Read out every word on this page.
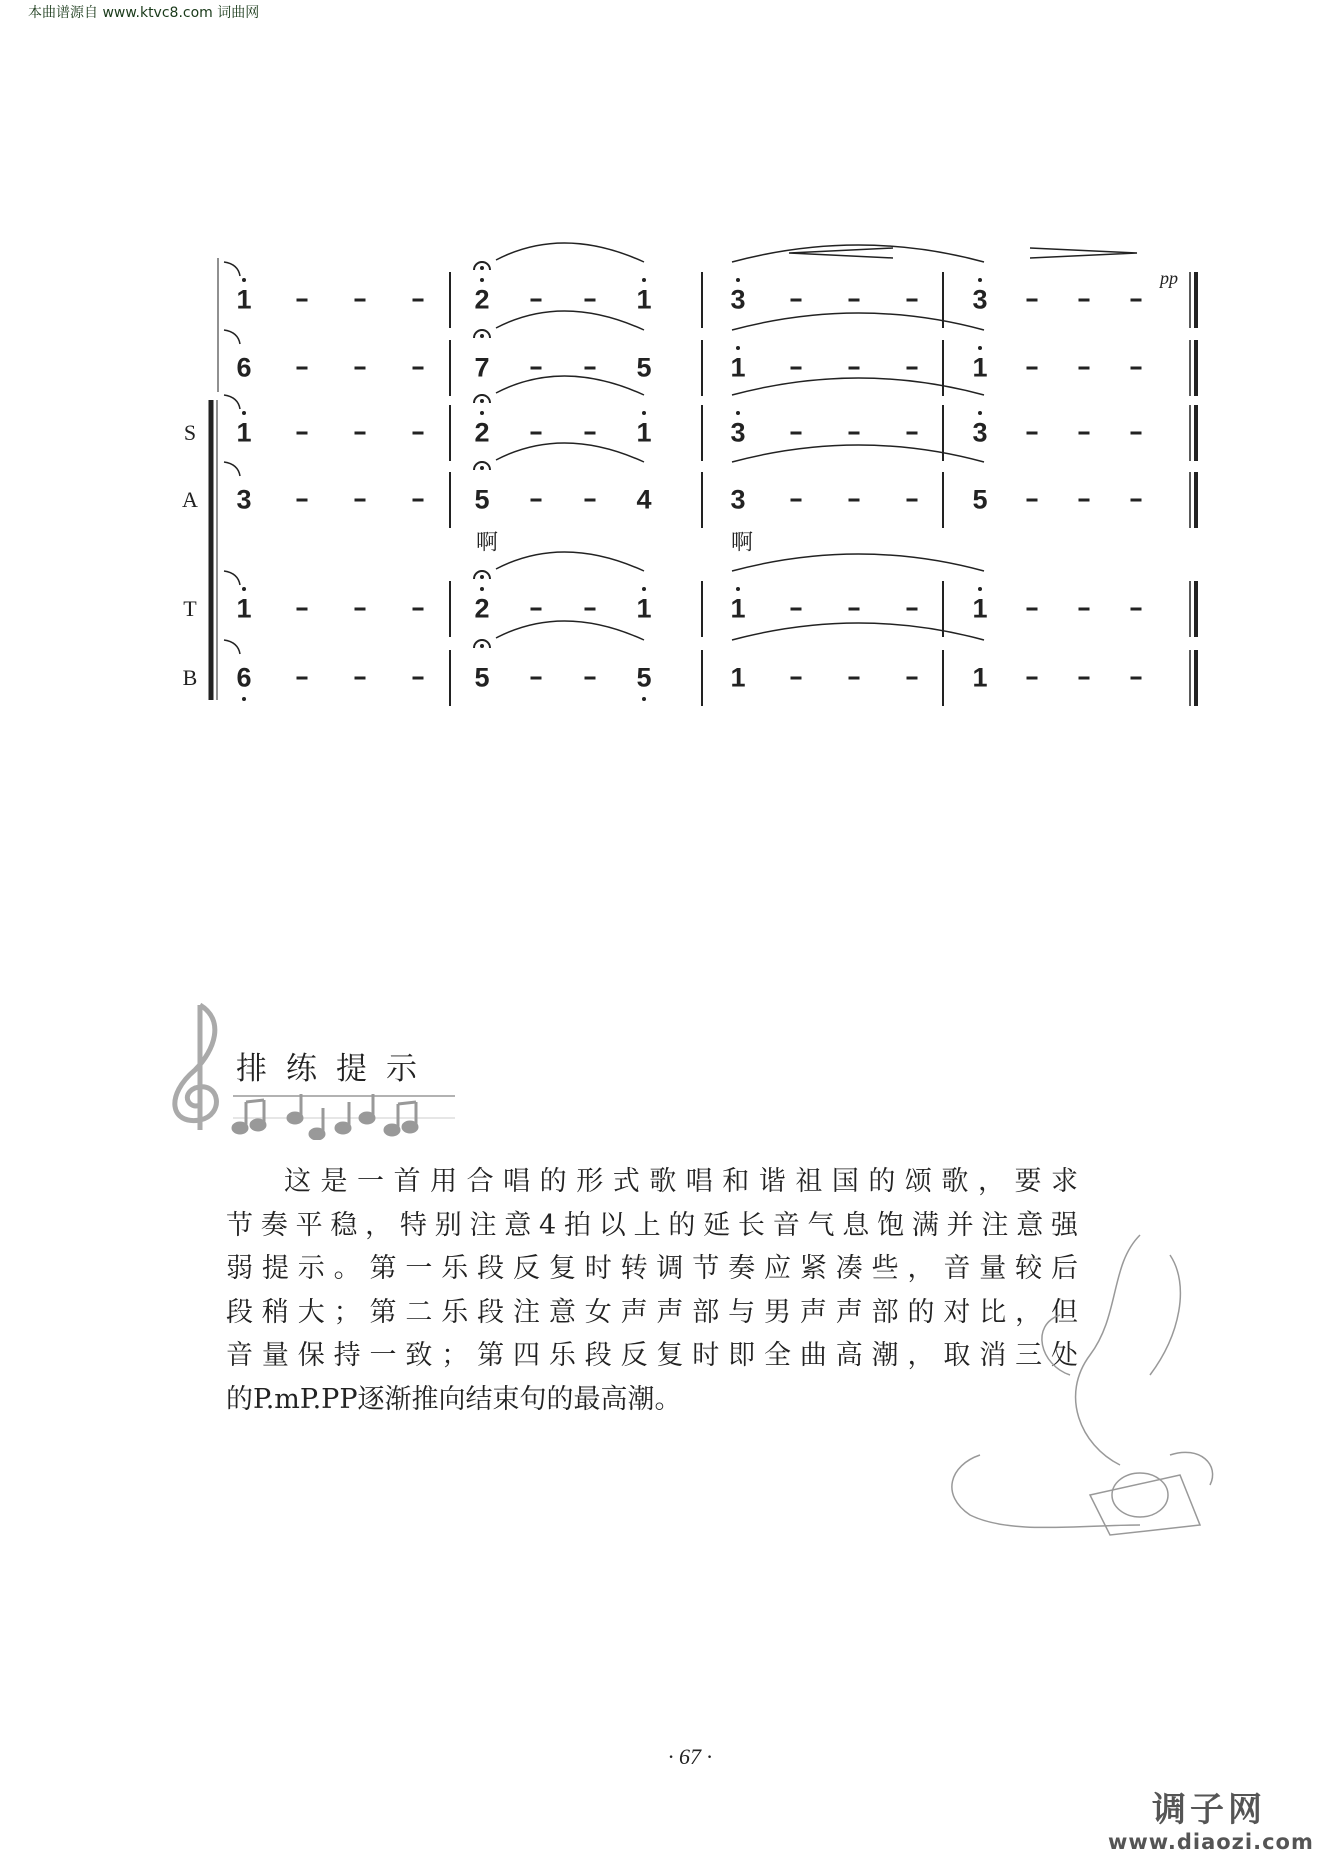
本曲谱源自 www.ktvc8.com 词曲网
1	2	1	3	3
6	7	5	1	1
S 1	2	1	3	3
A 3	5	4	3	5
T 1	2	1	1	1
B 6	5	5	1	1
啊	啊
pp
排练提示
这是一首用合唱的形式歌唱和谐祖国的颂歌，要求
节奏平稳，特别注意4拍以上的延长音气息饱满并注意强
弱提示。第一乐段反复时转调节奏应紧凑些，音量较后
段稍大；第二乐段注意女声声部与男声声部的对比，但
音量保持一致；第四乐段反复时即全曲高潮，取消三处
的P.mP.PP逐渐推向结束句的最高潮。
· 67 ·
调子网
www.diaozi.com
